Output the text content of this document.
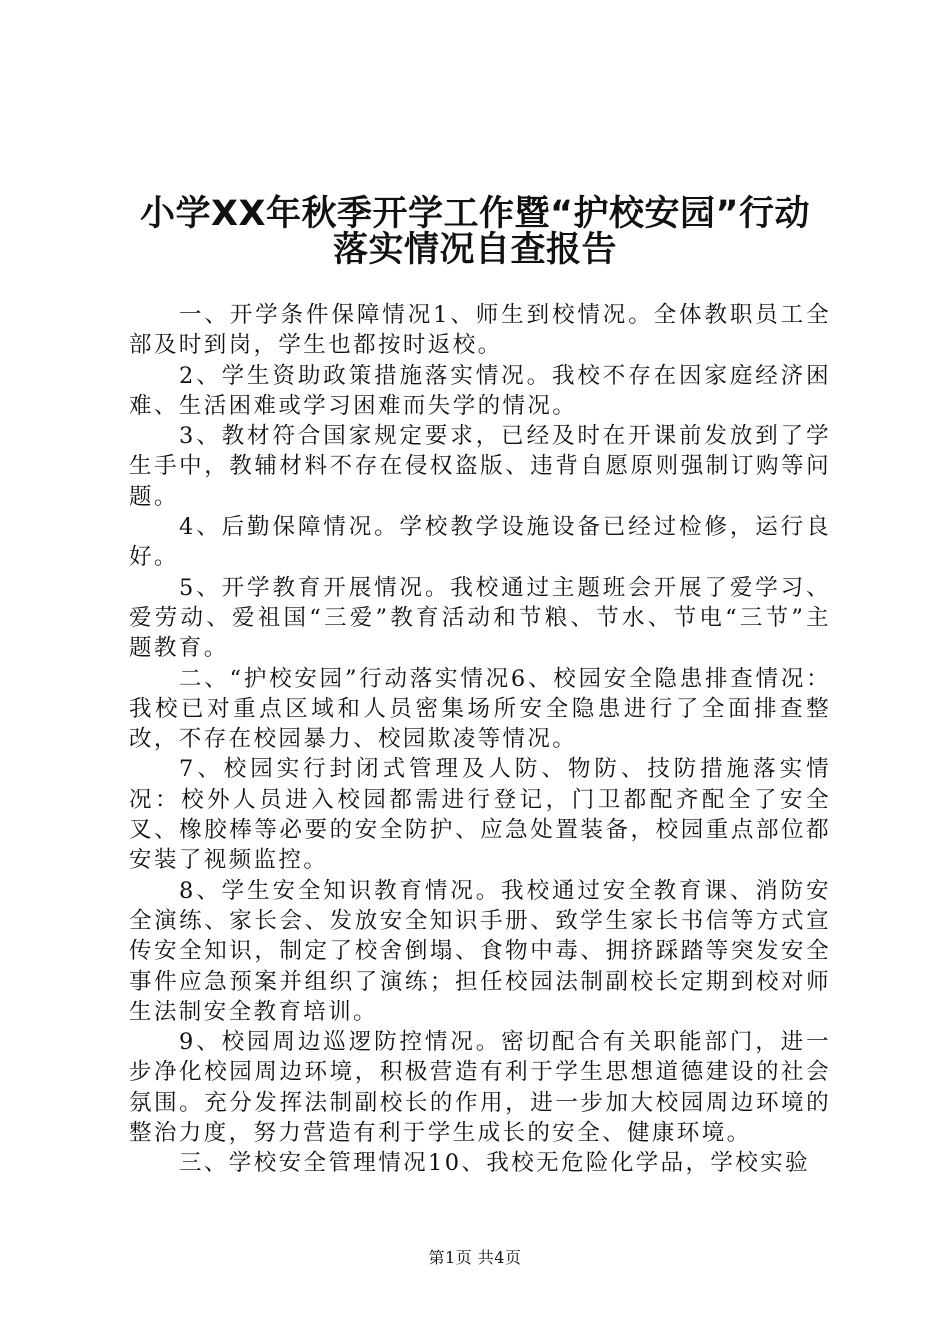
小学XX年秋季开学工作暨“护校安园”行动
落实情况自查报告

一、开学条件保障情况1、师生到校情况。全体教职员工全部及时到岗，学生也都按时返校。

2、学生资助政策措施落实情况。我校不存在因家庭经济困难、生活困难或学习困难而失学的情况。

3、教材符合国家规定要求，已经及时在开课前发放到了学生手中，教辅材料不存在侵权盗版、违背自愿原则强制订购等问题。

4、后勤保障情况。学校教学设施设备已经过检修，运行良好。

5、开学教育开展情况。我校通过主题班会开展了爱学习、爱劳动、爱祖国“三爱”教育活动和节粮、节水、节电“三节”主题教育。

二、“护校安园”行动落实情况6、校园安全隐患排查情况：我校已对重点区域和人员密集场所安全隐患进行了全面排查整改，不存在校园暴力、校园欺凌等情况。

7、校园实行封闭式管理及人防、物防、技防措施落实情况：校外人员进入校园都需进行登记，门卫都配齐配全了安全叉、橡胶棒等必要的安全防护、应急处置装备，校园重点部位都安装了视频监控。

8、学生安全知识教育情况。我校通过安全教育课、消防安全演练、家长会、发放安全知识手册、致学生家长书信等方式宣传安全知识，制定了校舍倒塌、食物中毒、拥挤踩踏等突发安全事件应急预案并组织了演练；担任校园法制副校长定期到校对师生法制安全教育培训。

9、校园周边巡逻防控情况。密切配合有关职能部门，进一步净化校园周边环境，积极营造有利于学生思想道德建设的社会氛围。充分发挥法制副校长的作用，进一步加大校园周边环境的整治力度，努力营造有利于学生成长的安全、健康环境。

三、学校安全管理情况10、我校无危险化学品，学校实验

第1页 共4页
